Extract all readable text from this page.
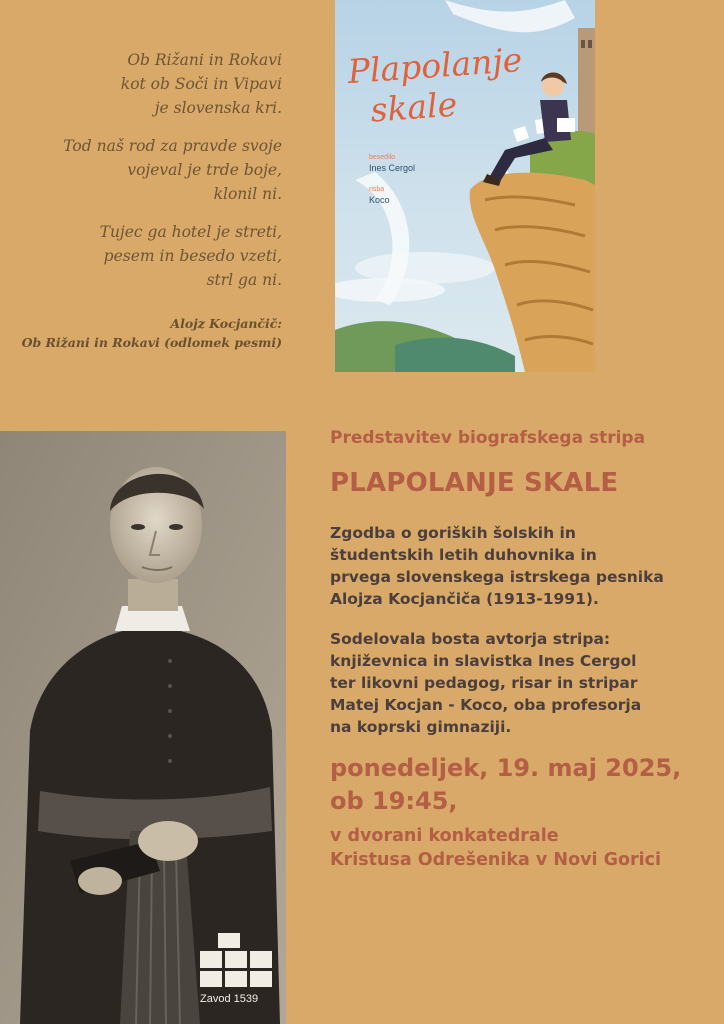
Ob Rižani in Rokavi
kot ob Soči in Vipavi
je slovenska kri.
Tod naš rod za pravde svoje
vojeval je trde boje,
klonil ni.
Tujec ga hotel je streti,
pesem in besedo vzeti,
strl ga ni.
Alojz Kocjančič:
Ob Rižani in Rokavi (odlomek pesmi)
Plapolanje
skale
besedilo
Ines Cergol
risba
Koco
Zavod 1539
Predstavitev biografskega stripa
PLAPOLANJE SKALE
Zgodba o goriških šolskih in
študentskih letih duhovnika in
prvega slovenskega istrskega pesnika
Alojza Kocjančiča (1913-1991).
Sodelovala bosta avtorja stripa:
književnica in slavistka Ines Cergol
ter likovni pedagog, risar in stripar
Matej Kocjan - Koco, oba profesorja
na koprski gimnaziji.
ponedeljek, 19. maj 2025,
ob 19:45,
v dvorani konkatedrale
Kristusa Odrešenika v Novi Gorici
